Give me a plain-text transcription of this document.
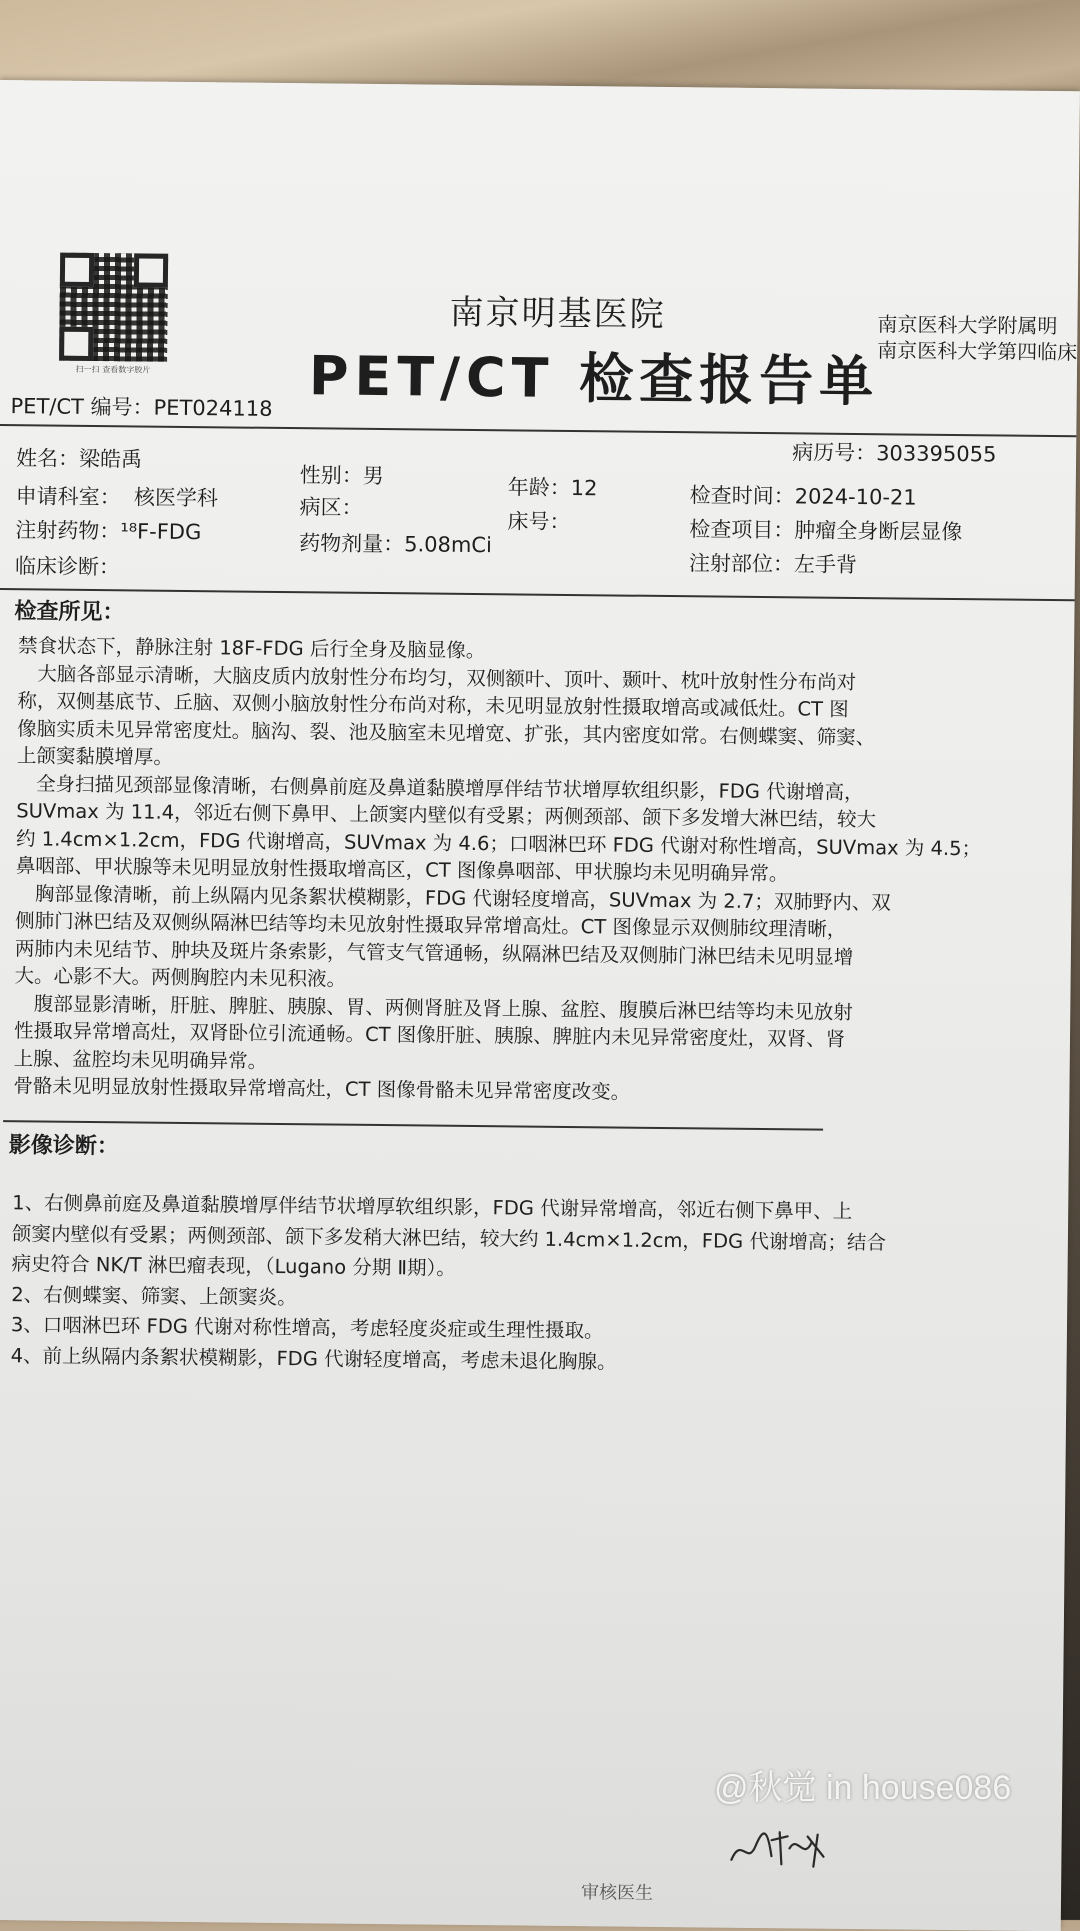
扫一扫 查看数字胶片
南京明基医院
PET/CT 检查报告单
南京医科大学附属明
南京医科大学第四临床
PET/CT 编号：PET024118
病历号：303395055
姓名：梁皓禹
性别：男	年龄：12	检查时间：2024-10-21
申请科室： 核医学科	病区：
床号：	检查项目：肿瘤全身断层显像
注射药物：¹⁸F-FDG	药物剂量：5.08mCi
注射部位：左手背
临床诊断：
检查所见：

禁食状态下，静脉注射 18F-FDG 后行全身及脑显像。

　大脑各部显示清晰，大脑皮质内放射性分布均匀，双侧额叶、顶叶、颞叶、枕叶放射性分布尚对

称，双侧基底节、丘脑、双侧小脑放射性分布尚对称，未见明显放射性摄取增高或减低灶。CT 图

像脑实质未见异常密度灶。脑沟、裂、池及脑室未见增宽、扩张，其内密度如常。右侧蝶窦、筛窦、

上颌窦黏膜增厚。

　全身扫描见颈部显像清晰，右侧鼻前庭及鼻道黏膜增厚伴结节状增厚软组织影，FDG 代谢增高，

SUVmax 为 11.4，邻近右侧下鼻甲、上颌窦内壁似有受累；两侧颈部、颌下多发增大淋巴结，较大

约 1.4cm×1.2cm，FDG 代谢增高，SUVmax 为 4.6；口咽淋巴环 FDG 代谢对称性增高，SUVmax 为 4.5；

鼻咽部、甲状腺等未见明显放射性摄取增高区，CT 图像鼻咽部、甲状腺均未见明确异常。

　胸部显像清晰，前上纵隔内见条絮状模糊影，FDG 代谢轻度增高，SUVmax 为 2.7；双肺野内、双

侧肺门淋巴结及双侧纵隔淋巴结等均未见放射性摄取异常增高灶。CT 图像显示双侧肺纹理清晰，

两肺内未见结节、肿块及斑片条索影，气管支气管通畅，纵隔淋巴结及双侧肺门淋巴结未见明显增

大。心影不大。两侧胸腔内未见积液。

　腹部显影清晰，肝脏、脾脏、胰腺、胃、两侧肾脏及肾上腺、盆腔、腹膜后淋巴结等均未见放射

性摄取异常增高灶，双肾卧位引流通畅。CT 图像肝脏、胰腺、脾脏内未见异常密度灶，双肾、肾

上腺、盆腔均未见明确异常。

骨骼未见明显放射性摄取异常增高灶，CT 图像骨骼未见异常密度改变。

影像诊断：

1、右侧鼻前庭及鼻道黏膜增厚伴结节状增厚软组织影，FDG 代谢异常增高，邻近右侧下鼻甲、上

颌窦内壁似有受累；两侧颈部、颌下多发稍大淋巴结，较大约 1.4cm×1.2cm，FDG 代谢增高；结合

病史符合 NK/T 淋巴瘤表现，（Lugano 分期 Ⅱ期）。

2、右侧蝶窦、筛窦、上颌窦炎。

3、口咽淋巴环 FDG 代谢对称性增高，考虑轻度炎症或生理性摄取。

4、前上纵隔内条絮状模糊影，FDG 代谢轻度增高，考虑未退化胸腺。

审核医生
@秋觉 in house086
